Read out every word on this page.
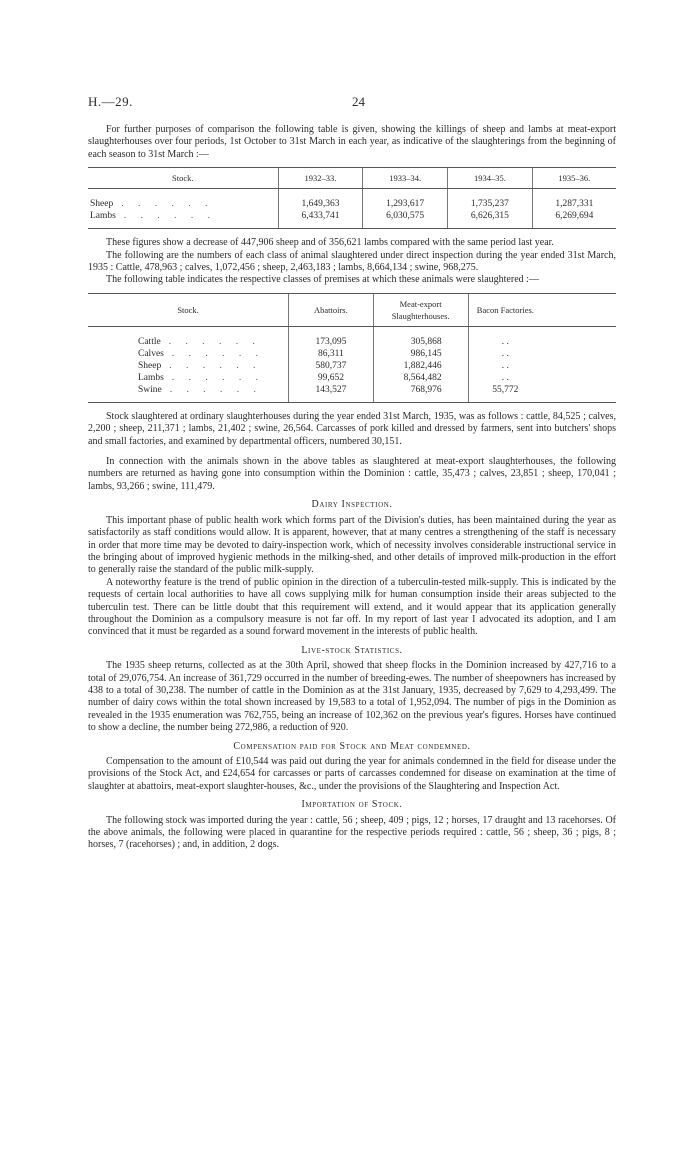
H.—29.	24

For further purposes of comparison the following table is given, showing the killings of sheep and lambs at meat-export slaughterhouses over four periods, 1st October to 31st March in each year, as indicative of the slaughterings from the beginning of each season to 31st March :—

Stock.	1932–33.	1933–34.	1934–35.	1935–36.

Sheep . . . . . .	1,649,363	1,293,617	1,735,237	1,287,331
Lambs . . . . . .	6,433,741	6,030,575	6,626,315	6,269,694

These figures show a decrease of 447,906 sheep and of 356,621 lambs compared with the same period last year.

The following are the numbers of each class of animal slaughtered under direct inspection during the year ended 31st March, 1935 : Cattle, 478,963 ; calves, 1,072,456 ; sheep, 2,463,183 ; lambs, 8,664,134 ; swine, 968,275.

The following table indicates the respective classes of premises at which these animals were slaughtered :—

Stock.	Abattoirs.	Meat-export Slaughterhouses.	Bacon Factories.	

Cattle . . . . . .	173,095	305,868	. .	
Calves . . . . . .	86,311	986,145	. .	
Sheep . . . . . .	580,737	1,882,446	. .	
Lambs . . . . . .	99,652	8,564,482	. .	
Swine . . . . . .	143,527	768,976	55,772	

Stock slaughtered at ordinary slaughterhouses during the year ended 31st March, 1935, was as follows : cattle, 84,525 ; calves, 2,200 ; sheep, 211,371 ; lambs, 21,402 ; swine, 26,564. Carcasses of pork killed and dressed by farmers, sent into butchers' shops and small factories, and examined by departmental officers, numbered 30,151.

In connection with the animals shown in the above tables as slaughtered at meat-export slaughterhouses, the following numbers are returned as having gone into consumption within the Dominion : cattle, 35,473 ; calves, 23,851 ; sheep, 170,041 ; lambs, 93,266 ; swine, 111,479.

Dairy Inspection.

This important phase of public health work which forms part of the Division's duties, has been maintained during the year as satisfactorily as staff conditions would allow. It is apparent, however, that at many centres a strengthening of the staff is necessary in order that more time may be devoted to dairy-inspection work, which of necessity involves considerable instructional service in the bringing about of improved hygienic methods in the milking-shed, and other details of improved milk-production in the effort to generally raise the standard of the public milk-supply.

A noteworthy feature is the trend of public opinion in the direction of a tuberculin-tested milk-supply. This is indicated by the requests of certain local authorities to have all cows supplying milk for human consumption inside their areas subjected to the tuberculin test. There can be little doubt that this requirement will extend, and it would appear that its application generally throughout the Dominion as a compulsory measure is not far off. In my report of last year I advocated its adoption, and I am convinced that it must be regarded as a sound forward movement in the interests of public health.

Live-stock Statistics.

The 1935 sheep returns, collected as at the 30th April, showed that sheep flocks in the Dominion increased by 427,716 to a total of 29,076,754. An increase of 361,729 occurred in the number of breeding-ewes. The number of sheepowners has increased by 438 to a total of 30,238. The number of cattle in the Dominion as at the 31st January, 1935, decreased by 7,629 to 4,293,499. The number of dairy cows within the total shown increased by 19,583 to a total of 1,952,094. The number of pigs in the Dominion as revealed in the 1935 enumeration was 762,755, being an increase of 102,362 on the previous year's figures. Horses have continued to show a decline, the number being 272,986, a reduction of 920.

Compensation paid for Stock and Meat condemned.

Compensation to the amount of £10,544 was paid out during the year for animals condemned in the field for disease under the provisions of the Stock Act, and £24,654 for carcasses or parts of carcasses condemned for disease on examination at the time of slaughter at abattoirs, meat-export slaughter-houses, &c., under the provisions of the Slaughtering and Inspection Act.

Importation of Stock.

The following stock was imported during the year : cattle, 56 ; sheep, 409 ; pigs, 12 ; horses, 17 draught and 13 racehorses. Of the above animals, the following were placed in quarantine for the respective periods required : cattle, 56 ; sheep, 36 ; pigs, 8 ; horses, 7 (racehorses) ; and, in addition, 2 dogs.
